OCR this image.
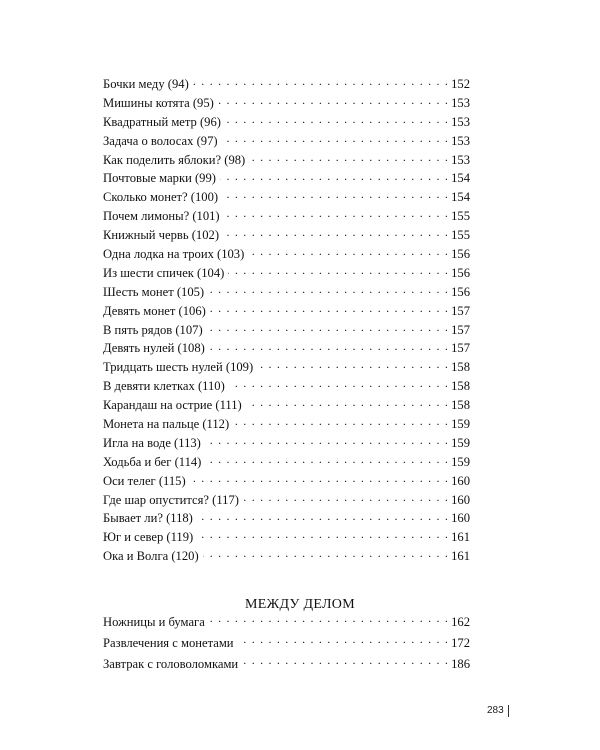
Бочки меду (94) . . .	152
Мишины котята (95) . . .	153
Квадратный метр (96) . . .	153
Задача о волосах (97) . . .	153
Как поделить яблоки? (98) . . .	153
Почтовые марки (99) . . .	154
Сколько монет? (100) . . .	154
Почем лимоны? (101) . . .	155
Книжный червь (102) . . .	155
Одна лодка на троих (103) . . .	156
Из шести спичек (104) . . .	156
Шесть монет (105) . . .	156
Девять монет (106) . . .	157
В пять рядов (107) . . .	157
Девять нулей (108) . . .	157
Тридцать шесть нулей (109) . . .	158
В девяти клетках (110) . . .	158
Карандаш на острие (111) . . .	158
Монета на пальце (112) . . .	159
Игла на воде (113) . . .	159
Ходьба и бег (114) . . .	159
Оси телег (115) . . .	160
Где шар опустится? (117) . . .	160
Бывает ли? (118) . . .	160
Юг и север (119) . . .	161
Ока и Волга (120) . . .	161
МЕЖДУ ДЕЛОМ
Ножницы и бумага . . .	162
Развлечения с монетами . . .	172
Завтрак с головоломками . . .	186
283
